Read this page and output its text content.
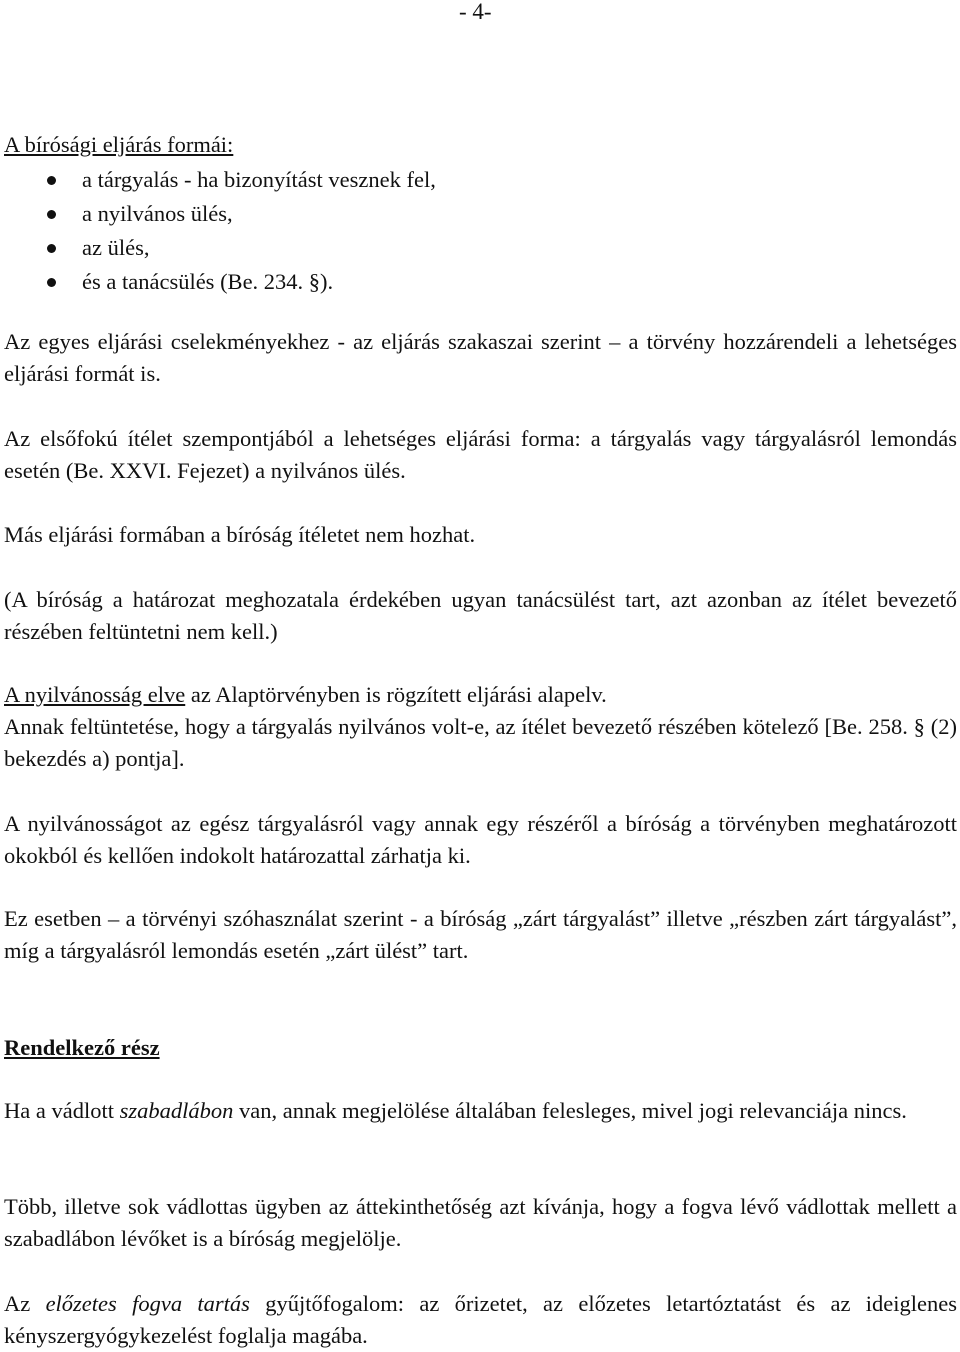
- 4-
A bírósági eljárás formái:
a tárgyalás - ha bizonyítást vesznek fel,
a nyilvános ülés,
az ülés,
és a tanácsülés (Be. 234. §).
Az egyes eljárási cselekményekhez - az eljárás szakaszai szerint – a törvény hozzárendeli a lehetséges eljárási formát is.
Az elsőfokú ítélet szempontjából a lehetséges eljárási forma: a tárgyalás vagy tárgyalásról lemondás esetén (Be. XXVI. Fejezet) a nyilvános ülés.
Más eljárási formában a bíróság ítéletet nem hozhat.
(A bíróság a határozat meghozatala érdekében ugyan tanácsülést tart, azt azonban az ítélet bevezető részében feltüntetni nem kell.)
A nyilvánosság elve az Alaptörvényben is rögzített eljárási alapelv.
Annak feltüntetése, hogy a tárgyalás nyilvános volt-e, az ítélet bevezető részében kötelező [Be. 258. § (2) bekezdés a) pontja].
A nyilvánosságot az egész tárgyalásról vagy annak egy részéről a bíróság a törvényben meghatározott okokból és kellően indokolt határozattal zárhatja ki.
Ez esetben – a törvényi szóhasználat szerint - a bíróság „zárt tárgyalást” illetve „részben zárt tárgyalást”, míg a tárgyalásról lemondás esetén „zárt ülést” tart.
Rendelkező rész
Ha a vádlott szabadlábon van, annak megjelölése általában felesleges, mivel jogi relevanciája nincs.
Több, illetve sok vádlottas ügyben az áttekinthetőség azt kívánja, hogy a fogva lévő vádlottak mellett a szabadlábon lévőket is a bíróság megjelölje.
Az előzetes fogva tartás gyűjtőfogalom: az őrizetet, az előzetes letartóztatást és az ideiglenes kényszergyógykezelést foglalja magába.
